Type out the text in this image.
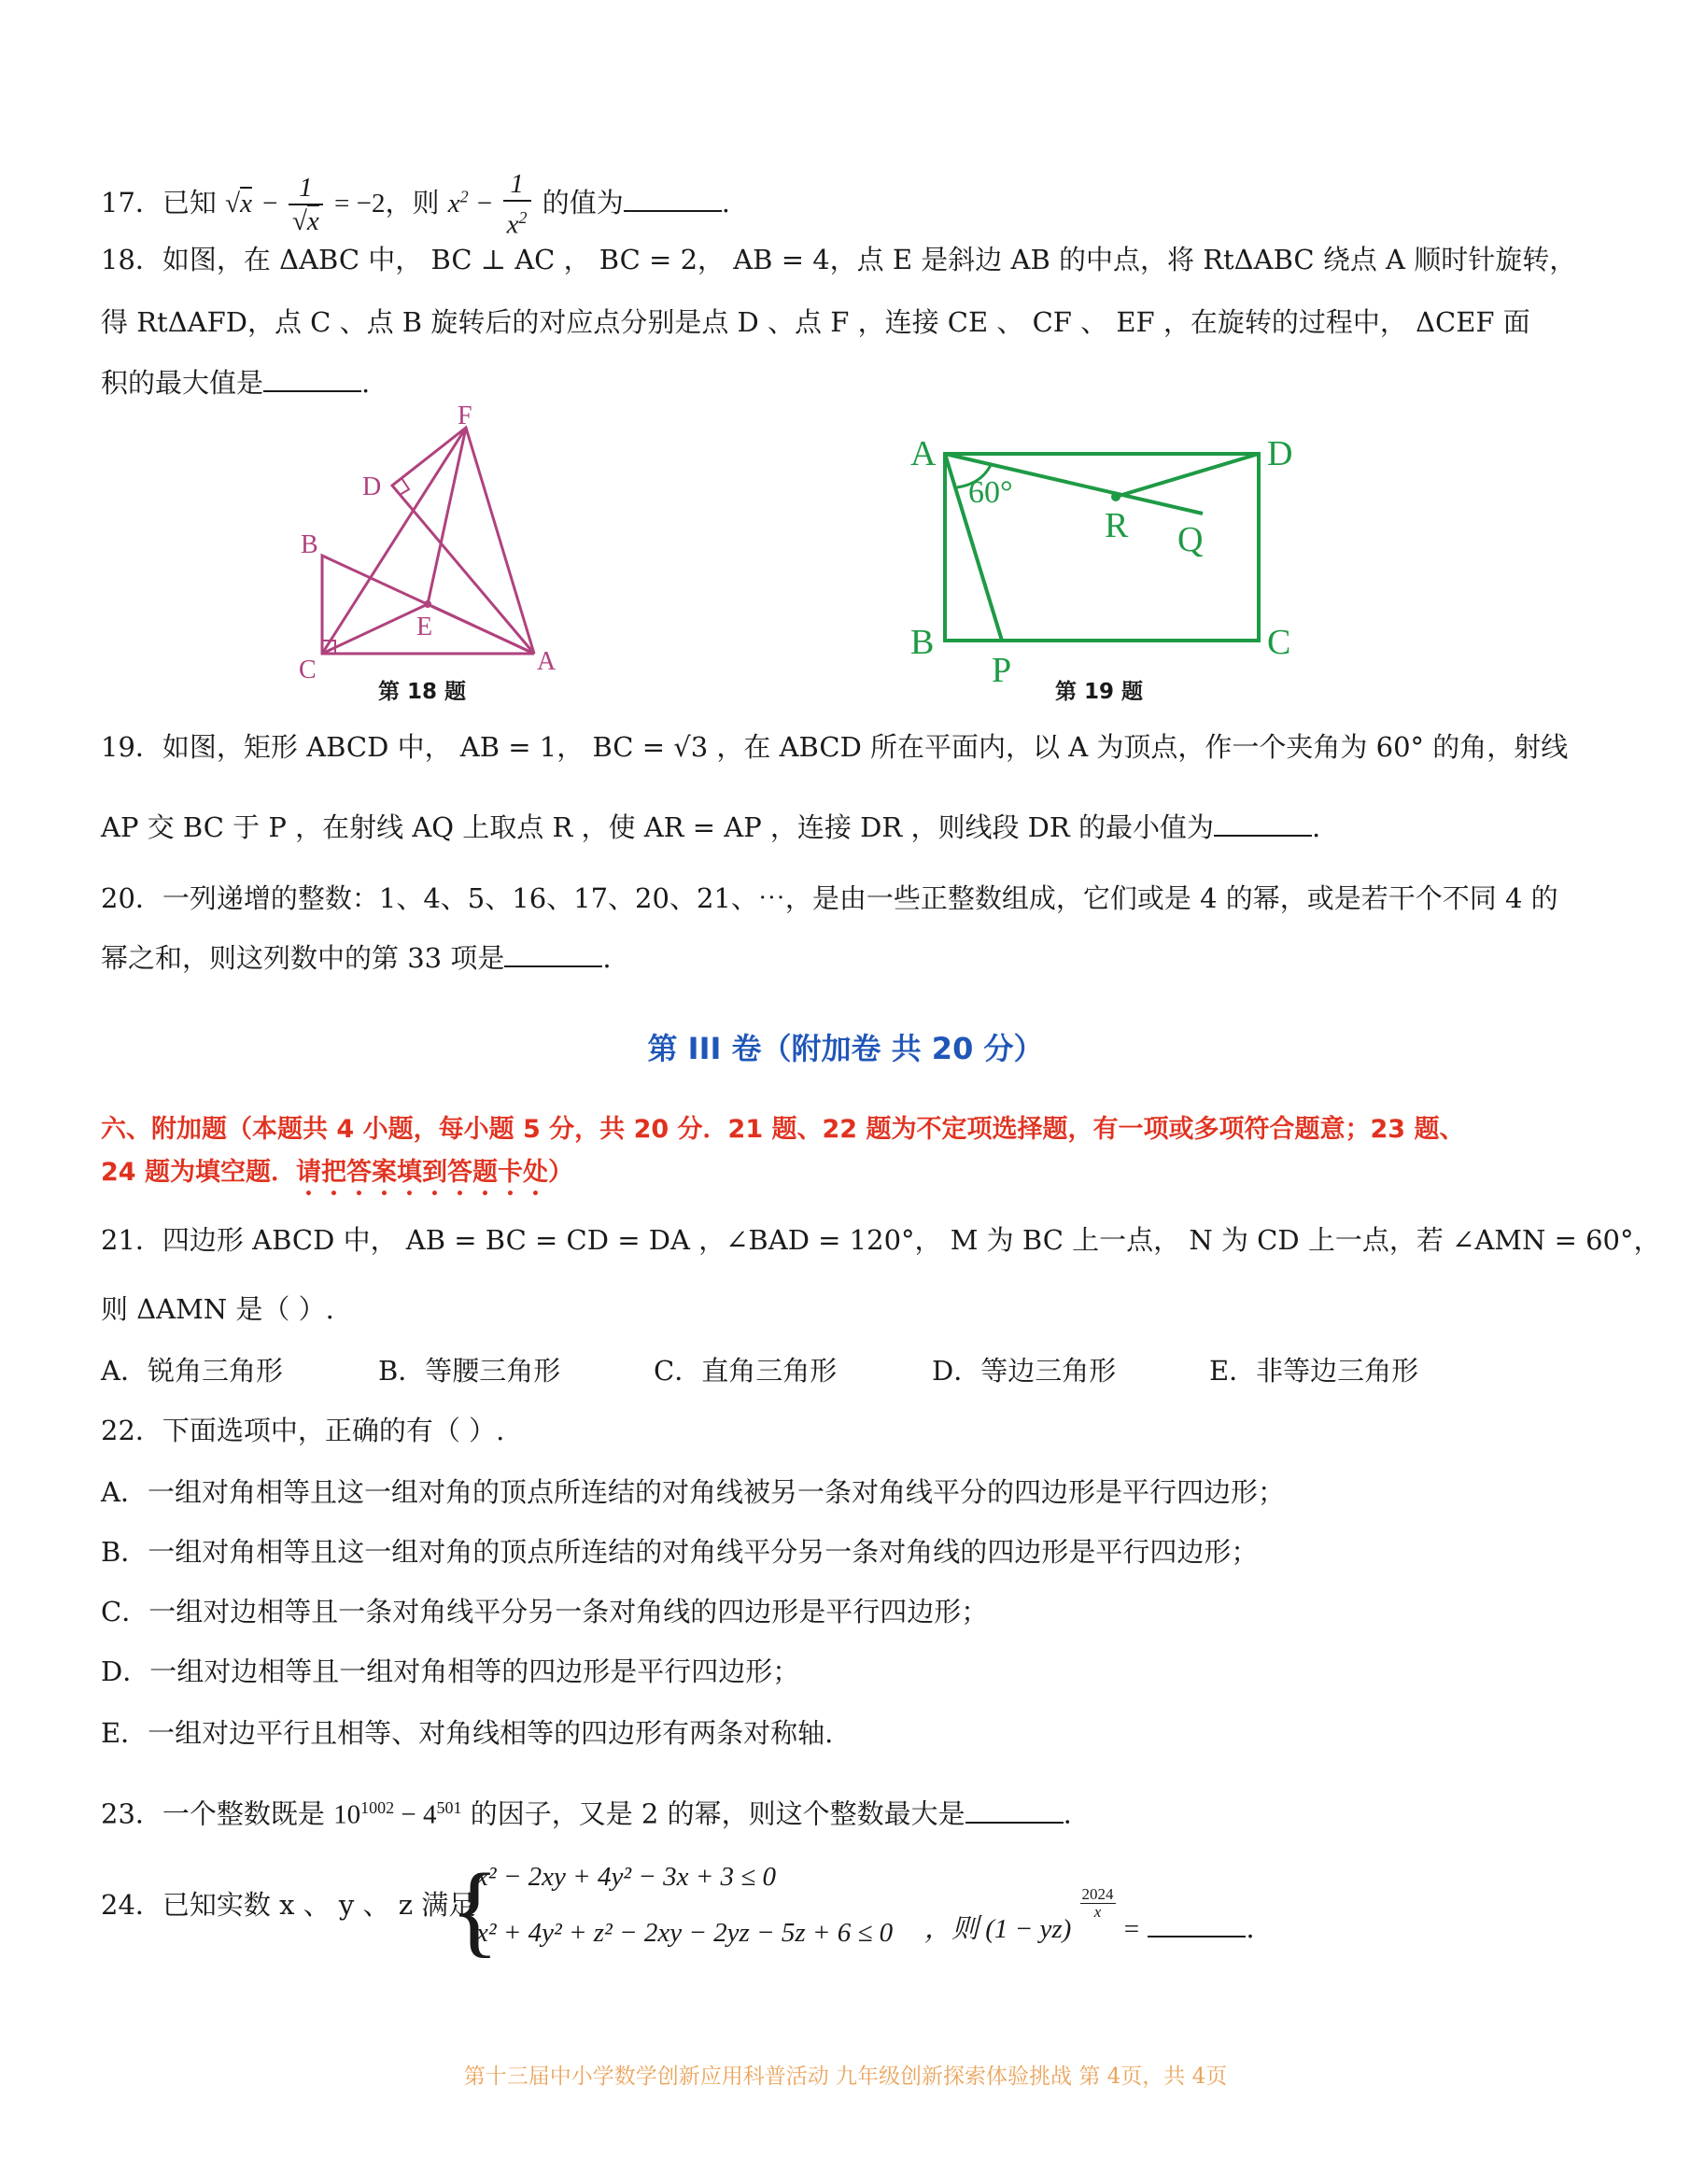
17．已知 $√x - \frac{1}{√x} = -2$，则 $x^2 - \frac{1}{x^2}$ 的值为	.
18．如图，在 ΔABC 中， BC ⊥ AC ， BC = 2， AB = 4，点 E 是斜边 AB 的中点，将 RtΔABC 绕点 A 顺时针旋转，
得 RtΔAFD，点 C 、点 B 旋转后的对应点分别是点 D 、点 F ，连接 CE 、 CF 、 EF ，在旋转的过程中， ΔCEF 面
积的最大值是	.
F
D
B
E
C	A
第 18 题
A	D
B	C
P
R Q
60°
第 19 题
19．如图，矩形 ABCD 中， AB = 1， BC = √3 ，在 ABCD 所在平面内，以 A 为顶点，作一个夹角为 60° 的角，射线
AP 交 BC 于 P ，在射线 AQ 上取点 R ，使 AR = AP ，连接 DR ，则线段 DR 的最小值为	.
20．一列递增的整数：1、4、5、16、17、20、21、⋯，是由一些正整数组成，它们或是 4 的幂，或是若干个不同 4 的
幂之和，则这列数中的第 33 项是	.
第 III 卷（附加卷 共 20 分）
六、附加题（本题共 4 小题，每小题 5 分，共 20 分．21 题、22 题为不定项选择题，有一项或多项符合题意；23 题、
24 题为填空题．请把答案填到答题卡处）
21．四边形 ABCD 中， AB = BC = CD = DA ，∠BAD = 120°， M 为 BC 上一点， N 为 CD 上一点，若 ∠AMN = 60°，
则 ΔAMN 是（ ）.
A．锐角三角形	B．等腰三角形	C．直角三角形	D．等边三角形	E．非等边三角形
22．下面选项中，正确的有（ ）.
A．一组对角相等且这一组对角的顶点所连结的对角线被另一条对角线平分的四边形是平行四边形；
B．一组对角相等且这一组对角的顶点所连结的对角线平分另一条对角线的四边形是平行四边形；
C．一组对边相等且一条对角线平分另一条对角线的四边形是平行四边形；
D．一组对边相等且一组对角相等的四边形是平行四边形；
E．一组对边平行且相等、对角线相等的四边形有两条对称轴.
23．一个整数既是 $10^{1002} - 4^{501}$ 的因子，又是 2 的幂，则这个整数最大是	.
24．已知实数 x 、 y 、 z 满足
{
x² − 2xy + 4y² − 3x + 3 ≤ 0
x² + 4y² + z² − 2xy − 2yz − 5z + 6 ≤ 0	，则 (1 − yz)
$\frac{2024}{x}$
=	.
第十三届中小学数学创新应用科普活动 九年级创新探索体验挑战 第 4页，共 4页
